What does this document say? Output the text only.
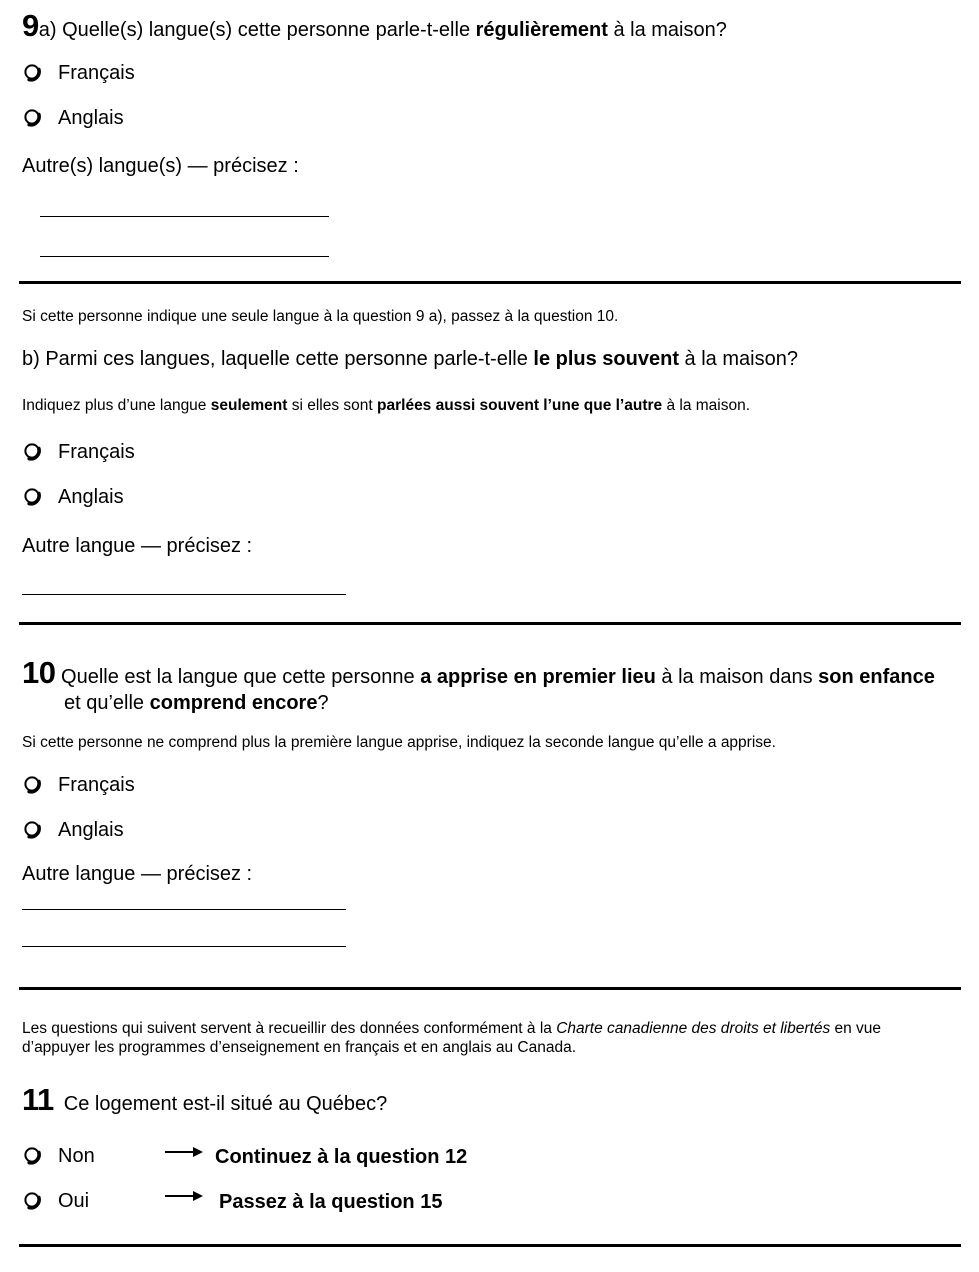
9a) Quelle(s) langue(s) cette personne parle-t-elle régulièrement à la maison?
Français
Anglais
Autre(s) langue(s) — précisez :
Si cette personne indique une seule langue à la question 9 a), passez à la question 10.
b) Parmi ces langues, laquelle cette personne parle-t-elle le plus souvent à la maison?
Indiquez plus d’une langue seulement si elles sont parlées aussi souvent l’une que l’autre à la maison.
Français
Anglais
Autre langue — précisez :
10 Quelle est la langue que cette personne a apprise en premier lieu à la maison dans son enfance
et qu’elle comprend encore?
Si cette personne ne comprend plus la première langue apprise, indiquez la seconde langue qu’elle a apprise.
Français
Anglais
Autre langue — précisez :
Les questions qui suivent servent à recueillir des données conformément à la Charte canadienne des droits et libertés en vue
d’appuyer les programmes d’enseignement en français et en anglais au Canada.
11 Ce logement est-il situé au Québec?
Non	Continuez à la question 12
Oui	Passez à la question 15
